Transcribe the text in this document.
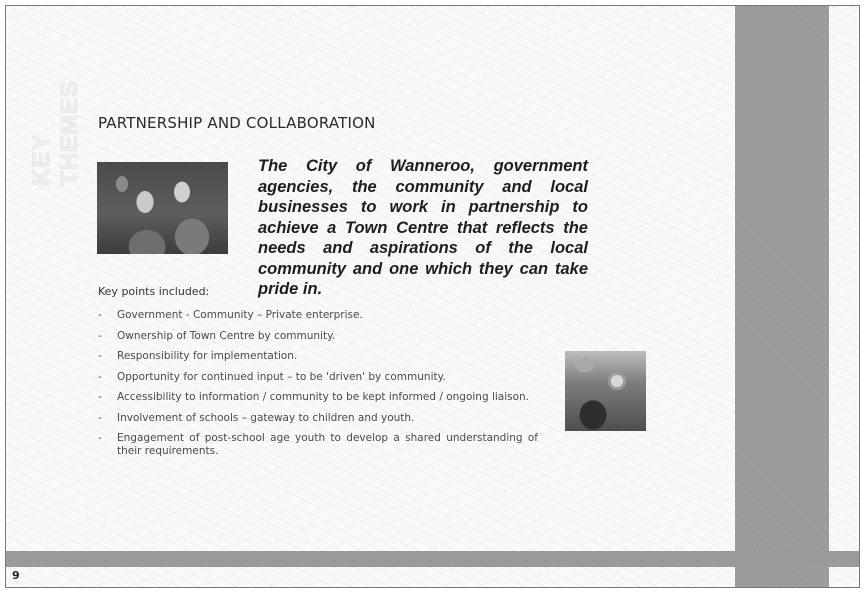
KEY THEMES PARTNERSHIP AND COLLABORATION

The City of Wanneroo, government agencies, the community and local businesses to work in partnership to achieve a Town Centre that reflects the needs and aspirations of the local community and one which they can take pride in.

Key points included:

- Government - Community – Private enterprise.
- Ownership of Town Centre by community.
- Responsibility for implementation.
- Opportunity for continued input – to be 'driven' by community.
- Accessibility to information / community to be kept informed / ongoing liaison.
- Involvement of schools – gateway to children and youth.
- Engagement of post-school age youth to develop a shared understanding of their requirements.
9
